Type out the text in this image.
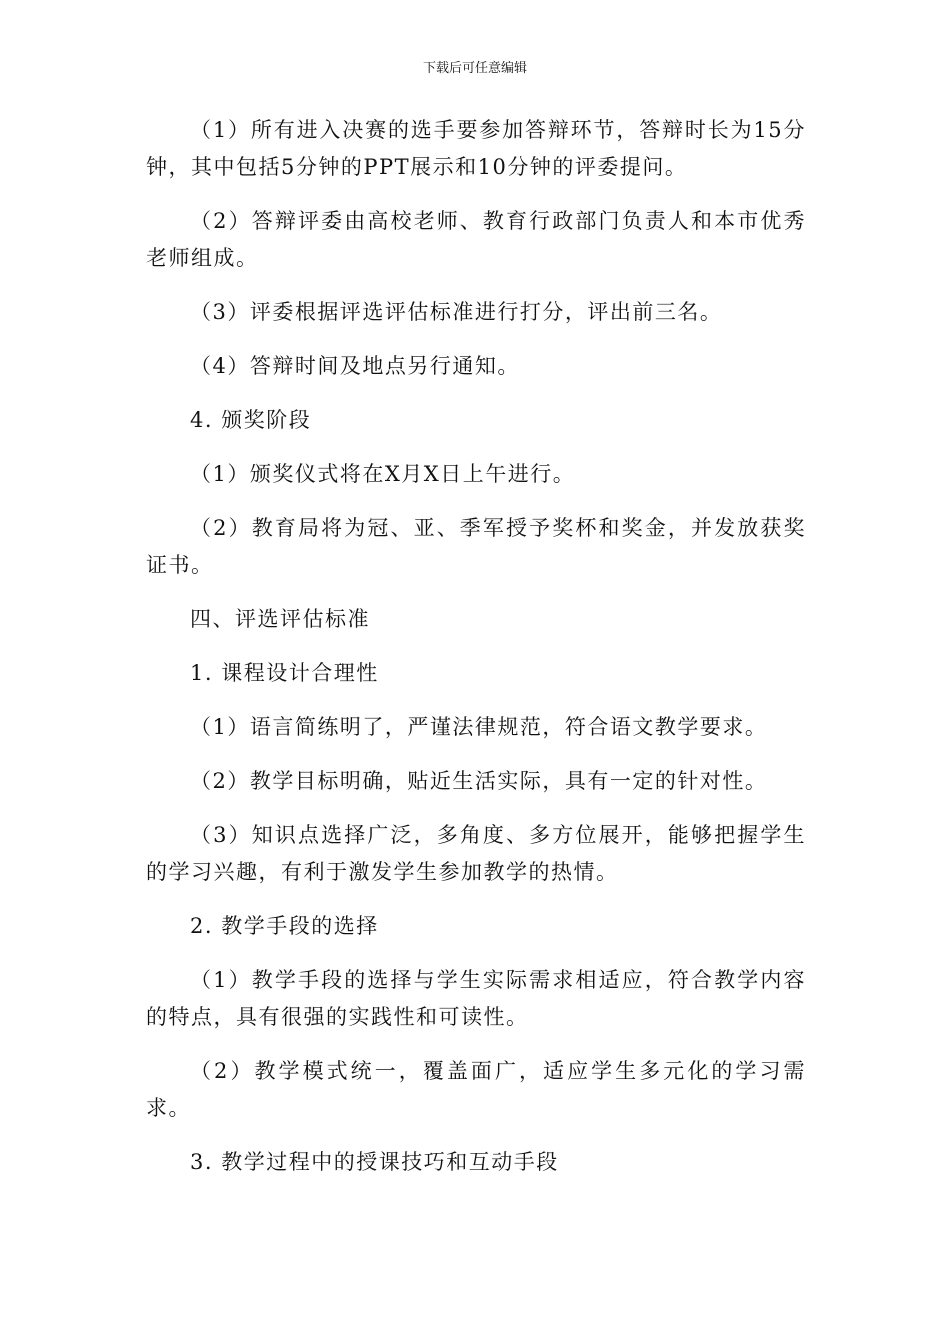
下载后可任意编辑

（1）所有进入决赛的选手要参加答辩环节，答辩时长为15分钟，其中包括5分钟的PPT展示和10分钟的评委提问。

（2）答辩评委由高校老师、教育行政部门负责人和本市优秀老师组成。

（3）评委根据评选评估标准进行打分，评出前三名。

（4）答辩时间及地点另行通知。

4. 颁奖阶段

（1）颁奖仪式将在X月X日上午进行。

（2）教育局将为冠、亚、季军授予奖杯和奖金，并发放获奖证书。

四、评选评估标准

1. 课程设计合理性

（1）语言简练明了，严谨法律规范，符合语文教学要求。

（2）教学目标明确，贴近生活实际，具有一定的针对性。

（3）知识点选择广泛，多角度、多方位展开，能够把握学生的学习兴趣，有利于激发学生参加教学的热情。

2. 教学手段的选择

（1）教学手段的选择与学生实际需求相适应，符合教学内容的特点，具有很强的实践性和可读性。

（2）教学模式统一，覆盖面广，适应学生多元化的学习需求。

3. 教学过程中的授课技巧和互动手段
